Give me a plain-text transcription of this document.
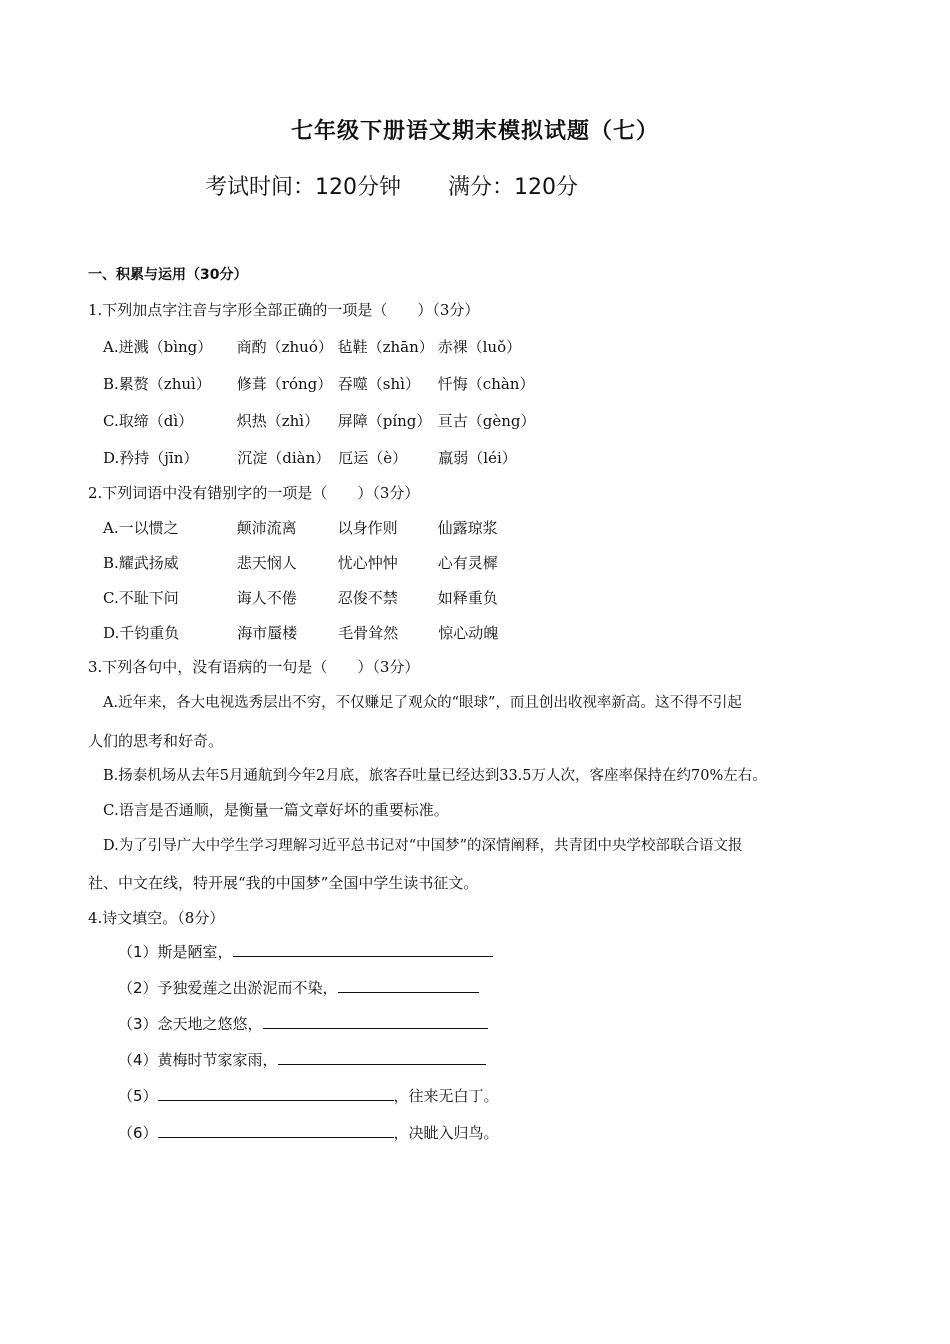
七年级下册语文期末模拟试题（七）
考试时间：120分钟 满分：120分
一、积累与运用（30分）
1.下列加点字注音与字形全部正确的一项是（　　）（3分）
A.迸溅（bìng） 商酌（zhuó） 毡鞋（zhān） 赤裸（luǒ）
B.累赘（zhuì） 修葺（róng） 吞噬（shì） 忏悔（chàn）
C.取缔（dì）	炽热（zhì） 屏障（píng） 亘古（gèng）
D.矜持（jīn）	沉淀（diàn） 厄运（è） 羸弱（léi）
2.下列词语中没有错别字的一项是（　　）（3分）
A.一以惯之	颠沛流离	以身作则	仙露琼浆
B.耀武扬威	悲天悯人	忧心忡忡	心有灵樨
C.不耻下问	诲人不倦	忍俊不禁	如释重负
D.千钧重负	海市蜃楼	毛骨耸然	惊心动魄
3.下列各句中，没有语病的一句是（　　）（3分）
A.近年来，各大电视选秀层出不穷，不仅赚足了观众的“眼球”，而且创出收视率新高。这不得不引起
人们的思考和好奇。
B.扬泰机场从去年5月通航到今年2月底，旅客吞吐量已经达到33.5万人次，客座率保持在约70%左右。
C.语言是否通顺，是衡量一篇文章好坏的重要标准。
D.为了引导广大中学生学习理解习近平总书记对“中国梦”的深情阐释，共青团中央学校部联合语文报
社、中文在线，特开展“我的中国梦”全国中学生读书征文。
4.诗文填空。（8分）
（1）斯是陋室，
（2）予独爱莲之出淤泥而不染，
（3）念天地之悠悠，
（4）黄梅时节家家雨，
（5）	，往来无白丁。
（6）	，决眦入归鸟。
